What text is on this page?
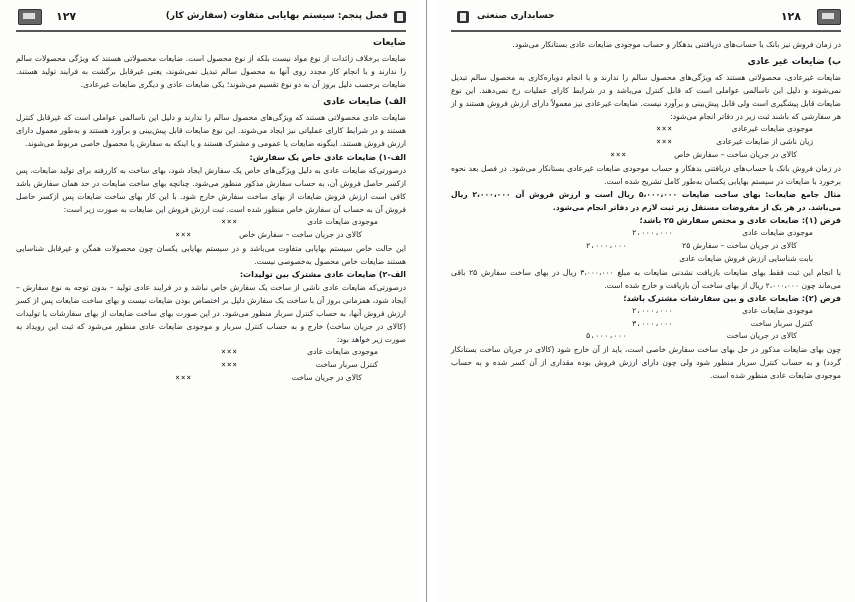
فصل پنجم: سیستم بهایابی متفاوت (سفارش کار)
۱۲۷
ضایعات

ضایعات برخلاف زائدات از نوع مواد نیست بلکه از نوع محصول است. ضایعات محصولاتی هستند که ویژگی محصولات سالم را ندارند و با انجام کار مجدد روی آنها به محصول سالم تبدیل نمی‌شوند، یعنی غیرقابل برگشت به فرایند تولید هستند. ضایعات برحسب دلیل بروز آن به دو نوع تقسیم می‌شوند؛ یکی ضایعات عادی و دیگری ضایعات غیرعادی.

الف) ضایعات عادی

ضایعات عادی محصولاتی هستند که ویژگی‌های محصول سالم را ندارند و دلیل این ناسالمی عواملی است که غیرقابل کنترل هستند و در شرایط کارای عملیاتی نیز ایجاد می‌شوند. این نوع ضایعات قابل پیش‌بینی و برآورد هستند و به‌طور معمول دارای ارزش فروش هستند. اینگونه ضایعات یا عمومی و مشترک هستند و یا اینکه به سفارش یا محصول خاصی مربوط می‌شوند.

الف-۱) ضایعات عادی خاص یک سفارش:

درصورتی‌که ضایعات عادی به دلیل ویژگی‌های خاص یک سفارش ایجاد شود، بهای ساخت به کاررفته برای تولید ضایعات، پس ازکسر حاصل فروش آن، به حساب سفارش مذکور منظور می‌شود. چنانچه بهای ساخت ضایعات در حد همان سفارش باشد کافی است ارزش فروش ضایعات از بهای ساخت سفارش خارج شود. با این کار بهای ساخت ضایعات پس ازکسر حاصل فروش آن به حساب آن سفارش خاص منظور شده است. ثبت ارزش فروش این ضایعات به صورت زیر است:

موجودی ضایعات عادی
×××
کالای در جریان ساخت – سفارش خاص
×××

این حالت خاص سیستم بهایابی متفاوت می‌باشد و در سیستم بهایابی یکسان چون محصولات همگن و غیرقابل شناسایی هستند ضایعات خاص محصول به‌خصوصی نیست.

الف-۲) ضایعات عادی مشترک بین تولیدات:

درصورتی‌که ضایعات عادی ناشی از ساخت یک سفارش خاص نباشد و در فرایند عادی تولید – بدون توجه به نوع سفارش – ایجاد شود، همزمانی بروز آن با ساخت یک سفارش دلیل بر اختصاص بودن ضایعات نیست و بهای ساخت ضایعات پس از کسر ارزش فروش آنها، به حساب کنترل سربار منظور می‌شود. در این صورت بهای ساخت ضایعات از بهای سفارشات یا تولیدات (کالای در جریان ساخت) خارج و به حساب کنترل سربار و موجودی ضایعات عادی منظور می‌شود که ثبت این رویداد به صورت زیر خواهد بود:

موجودی ضایعات عادی
×××
کنترل سربار ساخت
×××
کالای در جریان ساخت
×××
۱۲۸
حسابداری صنعتی

در زمان فروش نیز بانک یا حساب‌های دریافتنی بدهکار و حساب موجودی ضایعات عادی بستانکار می‌شود.

ب) ضایعات غیر عادی

ضایعات غیرعادی، محصولاتی هستند که ویژگی‌های محصول سالم را ندارند و با انجام دوباره‌کاری به محصول سالم تبدیل نمی‌شوند و دلیل این ناسالمی عواملی است که قابل کنترل می‌باشد و در شرایط کارای عملیات رخ نمی‌دهند. این نوع ضایعات قابل پیشگیری است ولی قابل پیش‌بینی و برآورد نیست. ضایعات غیرعادی نیز معمولاً دارای ارزش فروش هستند و از هر سفارشی که باشند ثبت زیر در دفاتر انجام می‌شود:

موجودی ضایعات غیرعادی
×××
زیان ناشی از ضایعات غیرعادی
×××
کالای در جریان ساخت – سفارش خاص
×××

در زمان فروش بانک یا حساب‌های دریافتنی بدهکار و حساب موجودی ضایعات غیرعادی بستانکار می‌شود. در فصل بعد نحوه برخورد با ضایعات در سیستم بهایابی یکسان به‌طور کامل تشریح شده است.

مثال جامع ضایعات: بهای ساخت ضایعات ۵،۰۰۰،۰۰۰ ریال است و ارزش فروش آن ۲،۰۰۰،۰۰۰ ریال می‌باشد. در هر یک از مفروضات مستقل زیر ثبت لازم در دفاتر انجام می‌شود.

فرض (۱): ضایعات عادی و مختص سفارش ۲۵ باشد؛
موجودی ضایعات عادی
۲،۰۰۰،۰۰۰
کالای در جریان ساخت – سفارش ۲۵
۲،۰۰۰،۰۰۰
بابت شناسایی ارزش فروش ضایعات عادی

با انجام این ثبت فقط بهای ضایعات بازیافت نشدنی ضایعات به مبلغ ۳،۰۰۰،۰۰۰ ریال در بهای ساخت سفارش ۲۵ باقی می‌ماند چون ۲،۰۰۰،۰۰۰ ریال از بهای ساخت آن بازیافت و خارج شده است.

فرض (۲): ضایعات عادی و بین سفارشات مشترک باشد؛
موجودی ضایعات عادی
۲،۰۰۰،۰۰۰
کنترل سربار ساخت
۳،۰۰۰،۰۰۰
کالای در جریان ساخت
۵،۰۰۰،۰۰۰

چون بهای ضایعات مذکور در حل بهای ساخت سفارش خاصی است، باید از آن خارج شود (کالای در جریان ساخت بستانکار گردد) و به حساب کنترل سربار منظور شود ولی چون دارای ارزش فروش بوده مقداری از آن کسر شده و به حساب موجودی ضایعات عادی منظور شده است.
